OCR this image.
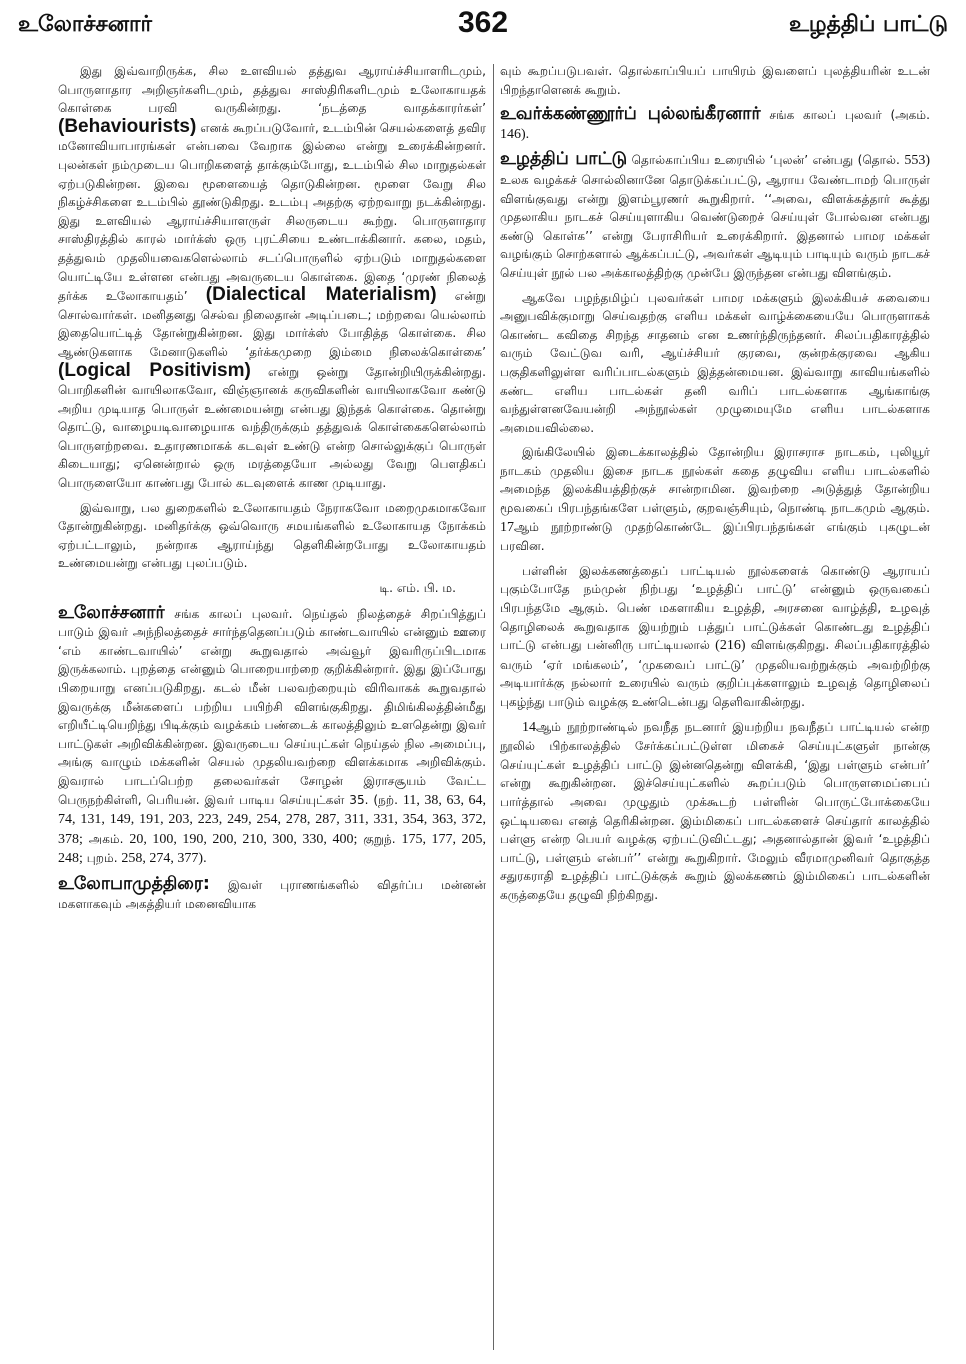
உலோச்சனார்	362	உழத்திப் பாட்டு

இது இவ்வாறிருக்க, சில உளவியல் தத்துவ ஆராய்ச்சியாளரிடமும், பொருளாதார அறிஞர்களிடமும், தத்துவ சாஸ்திரிகளிடமும் உலோகாயதக் கொள்கை பரவி வருகின்றது. ‘நடத்தை வாதக்காரர்கள்’ (Behaviourists) எனக் கூறப்படுவோர், உடம்பின் செயல்களைத் தவிர மனோவியாபாரங்கள் என்பவை வேறாக இல்லை என்று உரைக்கின்றனர். புலன்கள் நம்முடைய பொறிகளைத் தாக்கும்போது, உடம்பில் சில மாறுதல்கள் ஏற்படுகின்றன. இவை மூளையைத் தொடுகின்றன. மூளை வேறு சில நிகழ்ச்சிகளை உடம்பில் தூண்டுகிறது. உடம்பு அதற்கு ஏற்றவாறு நடக்கின்றது. இது உளவியல் ஆராய்ச்சியாளருள் சிலருடைய கூற்று. பொருளாதார சாஸ்திரத்தில் காரல் மார்க்ஸ் ஒரு புரட்சியை உண்டாக்கினார். கலை, மதம், தத்துவம் முதலியவைகளெல்லாம் சடப்பொருளில் ஏற்படும் மாறுதல்களை யொட்டியே உள்ளன என்பது அவருடைய கொள்கை. இதை ‘முரண் நிலைத் தர்க்க உலோகாயதம்’ (Dialectical Materialism) என்று சொல்வார்கள். மனிதனது செல்வ நிலைதான் அடிப்படை; மற்றவை யெல்லாம் இதையொட்டித் தோன்றுகின்றன. இது மார்க்ஸ் போதித்த கொள்கை. சில ஆண்டுகளாக மேனாடுகளில் ‘தர்க்கமுறை இம்மை நிலைக்கொள்கை’ (Logical Positivism) என்று ஒன்று தோன்றியிருக்கின்றது. பொறிகளின் வாயிலாகவோ, விஞ்ஞானக் கருவிகளின் வாயிலாகவோ கண்டு அறிய முடியாத பொருள் உண்மையன்று என்பது இந்தக் கொள்கை. தொன்று தொட்டு, வாழையடிவாழையாக வந்திருக்கும் தத்துவக் கொள்கைகளெல்லாம் பொருளற்றவை. உதாரணமாகக் கடவுள் உண்டு என்ற சொல்லுக்குப் பொருள் கிடையாது; ஏனென்றால் ஒரு மரத்தையோ அல்லது வேறு பௌதிகப் பொருளையோ காண்பது போல் கடவுளைக் காண முடியாது.

இவ்வாறு, பல துறைகளில் உலோகாயதம் நேராகவோ மறைமுகமாகவோ தோன்றுகின்றது. மனிதர்க்கு ஒவ்வொரு சமயங்களில் உலோகாயத நோக்கம் ஏற்பட்டாலும், நன்றாக ஆராய்ந்து தெளிகின்றபோது உலோகாயதம் உண்மையன்று என்பது புலப்படும்.

டி. எம். பி. ம.

உலோச்சனார் சங்க காலப் புலவர். நெய்தல் நிலத்தைச் சிறப்பித்துப் பாடும் இவர் அந்நிலத்தைச் சார்ந்ததெனப்படும் காண்டவாயில் என்னும் ஊரை ‘எம் காண்டவாயில்’ என்று கூறுவதால் அவ்வூர் இவரிருப்பிடமாக இருக்கலாம். புறத்தை என்னும் பொறையாற்றை குறிக்கின்றார். இது இப்போது பிறையாறு எனப்படுகிறது. கடல் மீன் பலவற்றையும் விரிவாகக் கூறுவதால் இவருக்கு மீன்களைப் பற்றிய பயிற்சி விளங்குகிறது. திமிங்கிலத்தின்மீது எறியீட்டியெறிந்து பிடிக்கும் வழக்கம் பண்டைக் காலத்திலும் உளதென்று இவர் பாட்டுகள் அறிவிக்கின்றன. இவருடைய செய்யுட்கள் நெய்தல் நில அமைப்பு, அங்கு வாழும் மக்களின் செயல் முதலியவற்றை விளக்கமாக அறிவிக்கும். இவரால் பாடப்பெற்ற தலைவர்கள் சோழன் இராசசூயம் வேட்ட பெருநற்கிள்ளி, பெரியன். இவர் பாடிய செய்யுட்கள் 35. (நற். 11, 38, 63, 64, 74, 131, 149, 191, 203, 223, 249, 254, 278, 287, 311, 331, 354, 363, 372, 378; அகம். 20, 100, 190, 200, 210, 300, 330, 400; குறுந். 175, 177, 205, 248; புறம். 258, 274, 377).

உலோபாமுத்திரை: இவள் புராணங்களில் விதர்ப்ப மன்னன் மகளாகவும் அகத்தியர் மனைவியாக

வும் கூறப்படுபவள். தொல்காப்பியப் பாயிரம் இவளைப் புலத்தியரின் உடன் பிறந்தாளெனக் கூறும்.

உவர்க்கண்ணூர்ப் புல்லங்கீரனார் சங்க காலப் புலவர் (அகம். 146).

உழத்திப் பாட்டு தொல்காப்பிய உரையில் ‘புலன்’ என்பது (தொல். 553) உலக வழக்கச் சொல்லினானே தொடுக்கப்பட்டு, ஆராய வேண்டாமற் பொருள் விளங்குவது என்று இளம்பூரணர் கூறுகிறார். ‘‘அவை, விளக்கத்தார் கூத்து முதலாகிய நாடகச் செய்யுளாகிய வெண்டுறைச் செய்யுள் போல்வன என்பது கண்டு கொள்க’’ என்று பேராசிரியர் உரைக்கிறார். இதனால் பாமர மக்கள் வழங்கும் சொற்களால் ஆக்கப்பட்டு, அவர்கள் ஆடியும் பாடியும் வரும் நாடகச் செய்யுள் நூல் பல அக்காலத்திற்கு முன்பே இருந்தன என்பது விளங்கும்.

ஆகவே பழந்தமிழ்ப் புலவர்கள் பாமர மக்களும் இலக்கியச் சுவையை அனுபவிக்குமாறு செய்வதற்கு எளிய மக்கள் வாழ்க்கையையே பொருளாகக் கொண்ட கவிதை சிறந்த சாதனம் என உணர்ந்திருந்தனர். சிலப்பதிகாரத்தில் வரும் வேட்டுவ வரி, ஆய்ச்சியர் குரவை, குன்றக்குரவை ஆகிய பகுதிகளிலுள்ள வரிப்பாடல்களும் இத்தன்மையன. இவ்வாறு காவியங்களில் கண்ட எளிய பாடல்கள் தனி வரிப் பாடல்களாக ஆங்காங்கு வந்துள்ளனவேயன்றி அந்நூல்கள் முழுமையுமே எளிய பாடல்களாக அமையவில்லை.

இங்கிலேயில் இடைக்காலத்தில் தோன்றிய இராசராச நாடகம், புலியூர் நாடகம் முதலிய இசை நாடக நூல்கள் கதை தழுவிய எளிய பாடல்களில் அமைந்த இலக்கியத்திற்குச் சான்றாமின. இவற்றை அடுத்துத் தோன்றிய மூவகைப் பிரபந்தங்களே பள்ளும், குறவஞ்சியும், நொண்டி நாடகமும் ஆகும். 17ஆம் நூற்றாண்டு முதற்கொண்டே இப்பிரபந்தங்கள் எங்கும் புகழுடன் பரவின.

பள்ளின் இலக்கணத்தைப் பாட்டியல் நூல்களைக் கொண்டு ஆராயப் புகும்போதே நம்முன் நிற்பது ‘உழத்திப் பாட்டு’ என்னும் ஒருவகைப் பிரபந்தமே ஆகும். பெண் மகளாகிய உழத்தி, அரசனை வாழ்த்தி, உழவுத் தொழிலைக் கூறுவதாக இயற்றும் பத்துப் பாட்டுக்கள் கொண்டது உழத்திப் பாட்டு என்பது பன்னிரு பாட்டியலால் (216) விளங்குகிறது. சிலப்பதிகாரத்தில் வரும் ‘ஏர் மங்கலம்’, ‘முகவைப் பாட்டு’ முதலியவற்றுக்கும் அவற்றிற்கு அடியார்க்கு நல்லார் உரையில் வரும் குறிப்புக்களாலும் உழவுத் தொழிலைப் புகழ்ந்து பாடும் வழக்கு உண்டென்பது தெளிவாகின்றது.

14ஆம் நூற்றாண்டில் நவநீத நடனார் இயற்றிய நவநீதப் பாட்டியல் என்ற நூலில் பிற்காலத்தில் சேர்க்கப்பட்டுள்ள மிகைச் செய்யுட்களுள் நான்கு செய்யுட்கள் உழத்திப் பாட்டு இன்னதென்று விளக்கி, ‘இது பள்ளும் என்பர்’ என்று கூறுகின்றன. இச்செய்யுட்களில் கூறப்படும் பொருளமைப்பைப் பார்த்தால் அவை முழுதும் முக்கூடற் பள்ளின் பொருட்போக்கையே ஒட்டியவை எனத் தெரிகின்றன. இம்மிகைப் பாடல்களைச் செய்தார் காலத்தில் பள்ளு என்ற பெயர் வழக்கு ஏற்பட்டுவிட்டது; அதனால்தான் இவர் ‘உழத்திப் பாட்டு, பள்ளும் என்பர்’’ என்று கூறுகிறார். மேலும் வீரமாமுனிவர் தொகுத்த சதுரகராதி உழத்திப் பாட்டுக்குக் கூறும் இலக்கணம் இம்மிகைப் பாடல்களின் கருத்தையே தழுவி நிற்கிறது.
